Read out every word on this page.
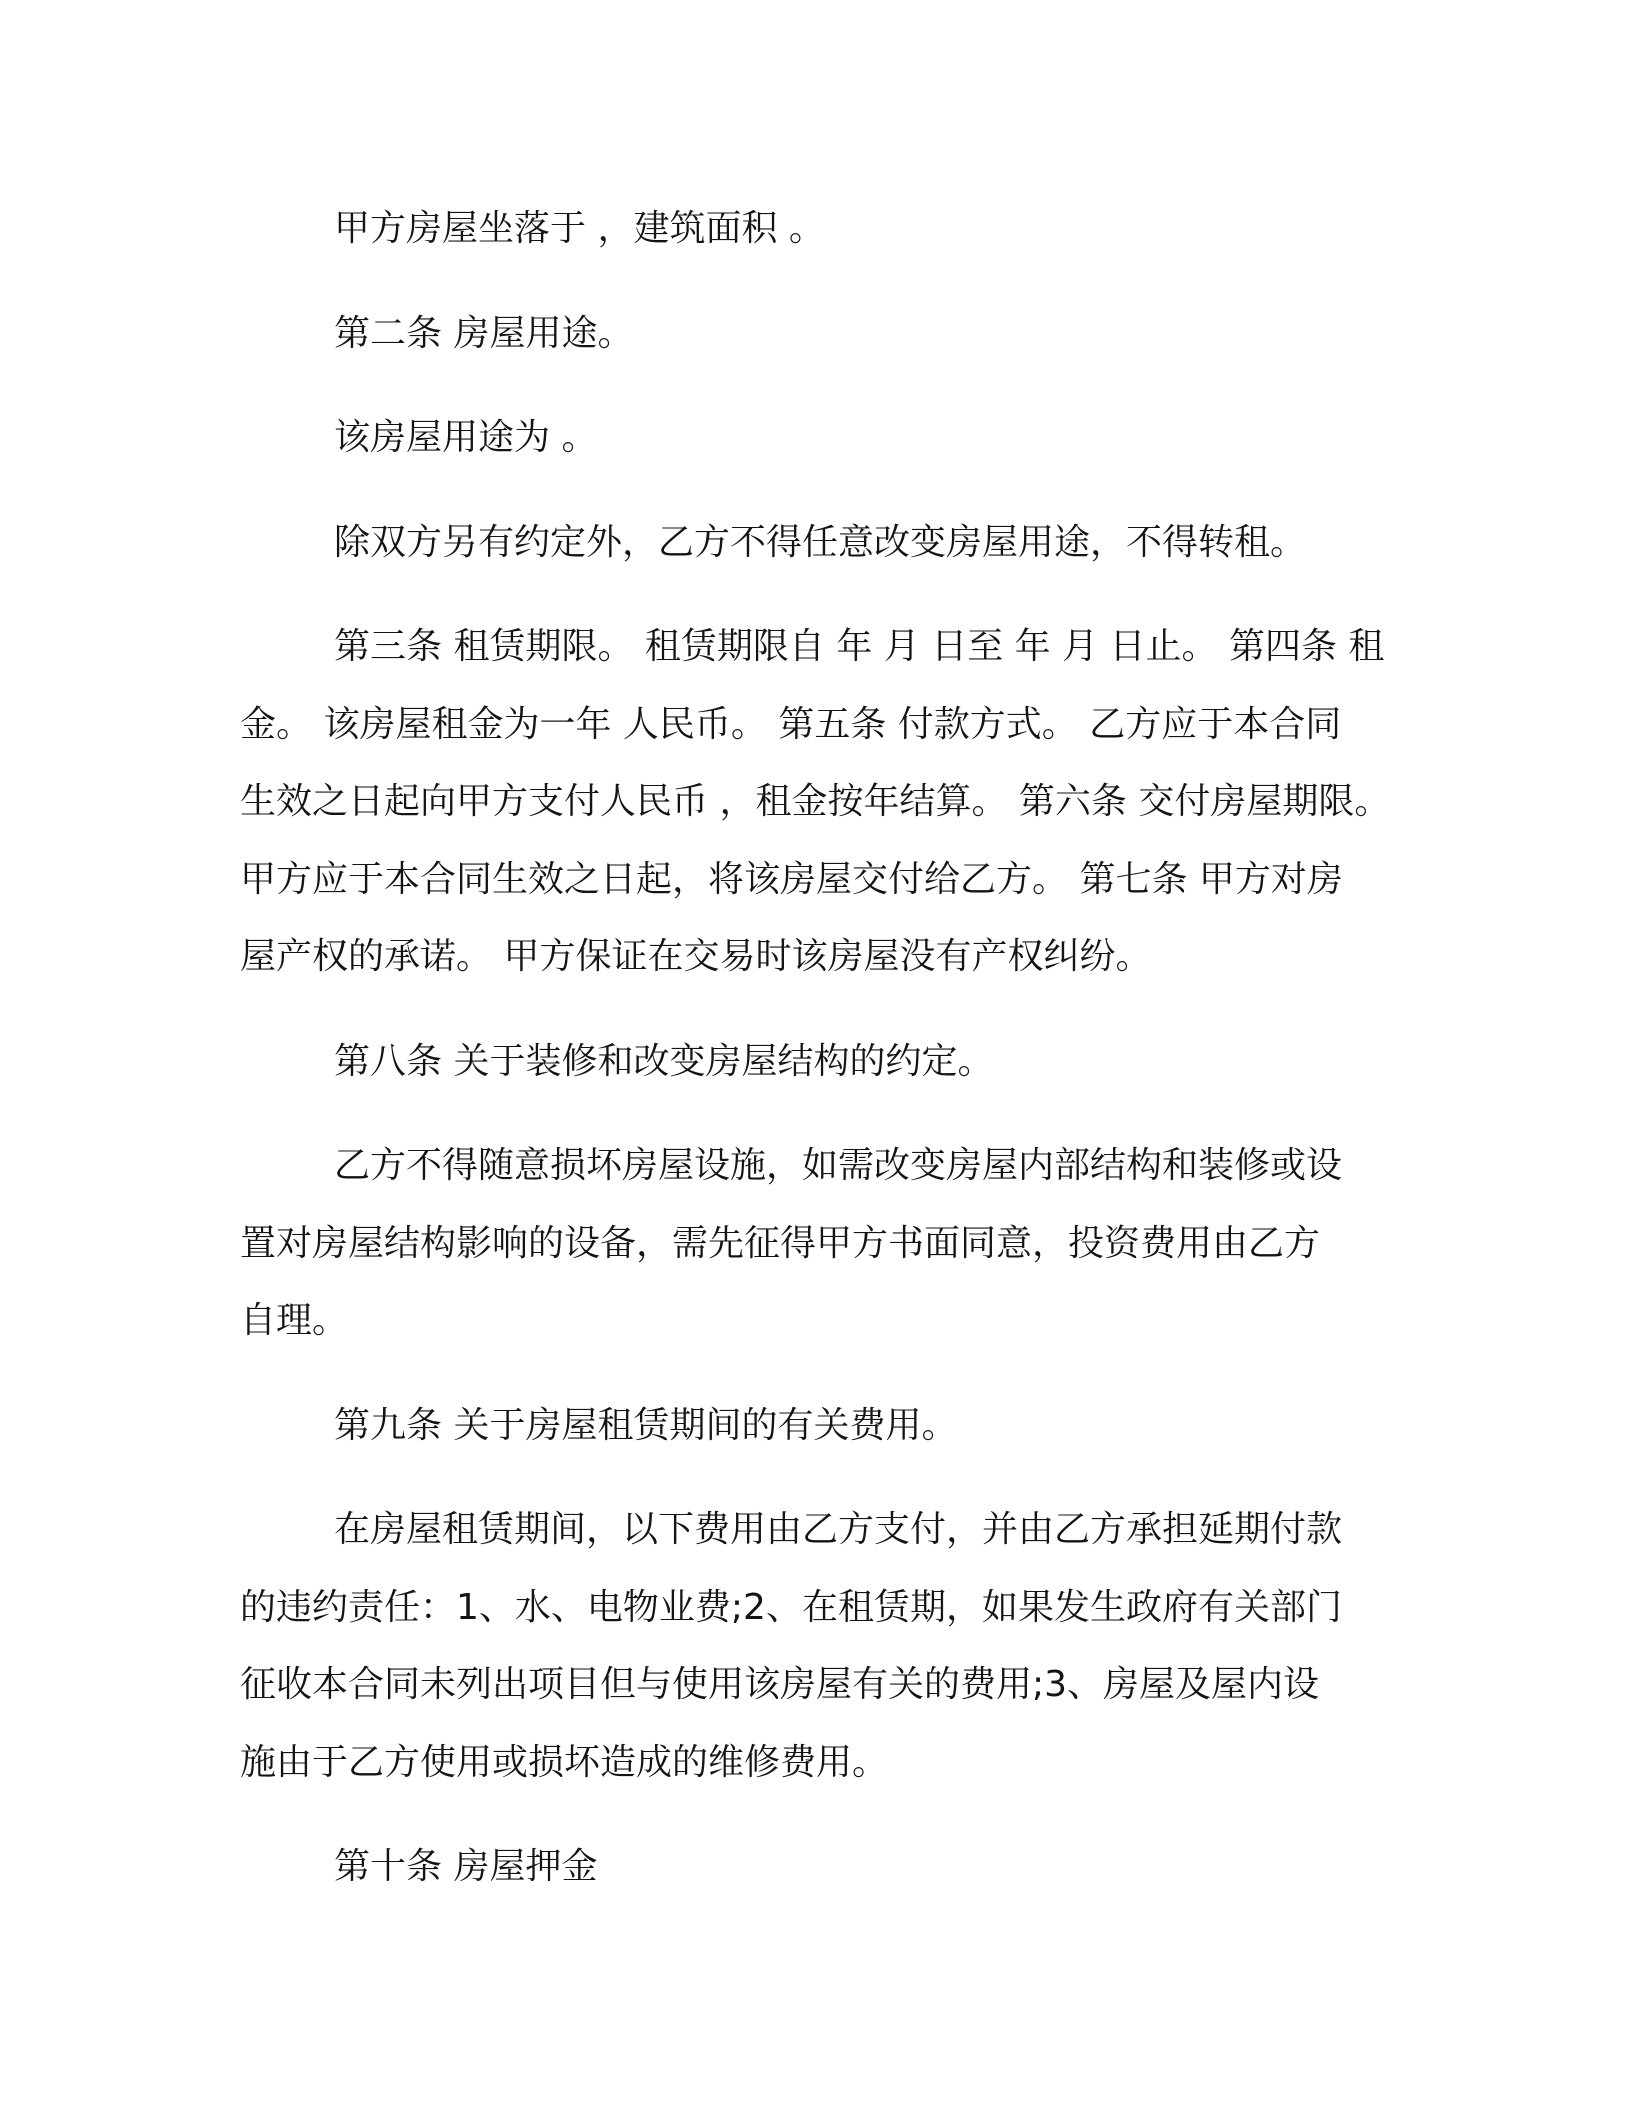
甲方房屋坐落于 ，建筑面积 。

第二条 房屋用途。

该房屋用途为 。

除双方另有约定外，乙方不得任意改变房屋用途，不得转租。

第三条 租赁期限。 租赁期限自 年 月 日至 年 月 日止。 第四条 租
金。 该房屋租金为一年 人民币。 第五条 付款方式。 乙方应于本合同
生效之日起向甲方支付人民币 ，租金按年结算。 第六条 交付房屋期限。
甲方应于本合同生效之日起，将该房屋交付给乙方。 第七条 甲方对房
屋产权的承诺。 甲方保证在交易时该房屋没有产权纠纷。

第八条 关于装修和改变房屋结构的约定。

乙方不得随意损坏房屋设施，如需改变房屋内部结构和装修或设
置对房屋结构影响的设备，需先征得甲方书面同意，投资费用由乙方
自理。

第九条 关于房屋租赁期间的有关费用。

在房屋租赁期间，以下费用由乙方支付，并由乙方承担延期付款
的违约责任：1、水、电物业费;2、在租赁期，如果发生政府有关部门
征收本合同未列出项目但与使用该房屋有关的费用;3、房屋及屋内设
施由于乙方使用或损坏造成的维修费用。

第十条 房屋押金
